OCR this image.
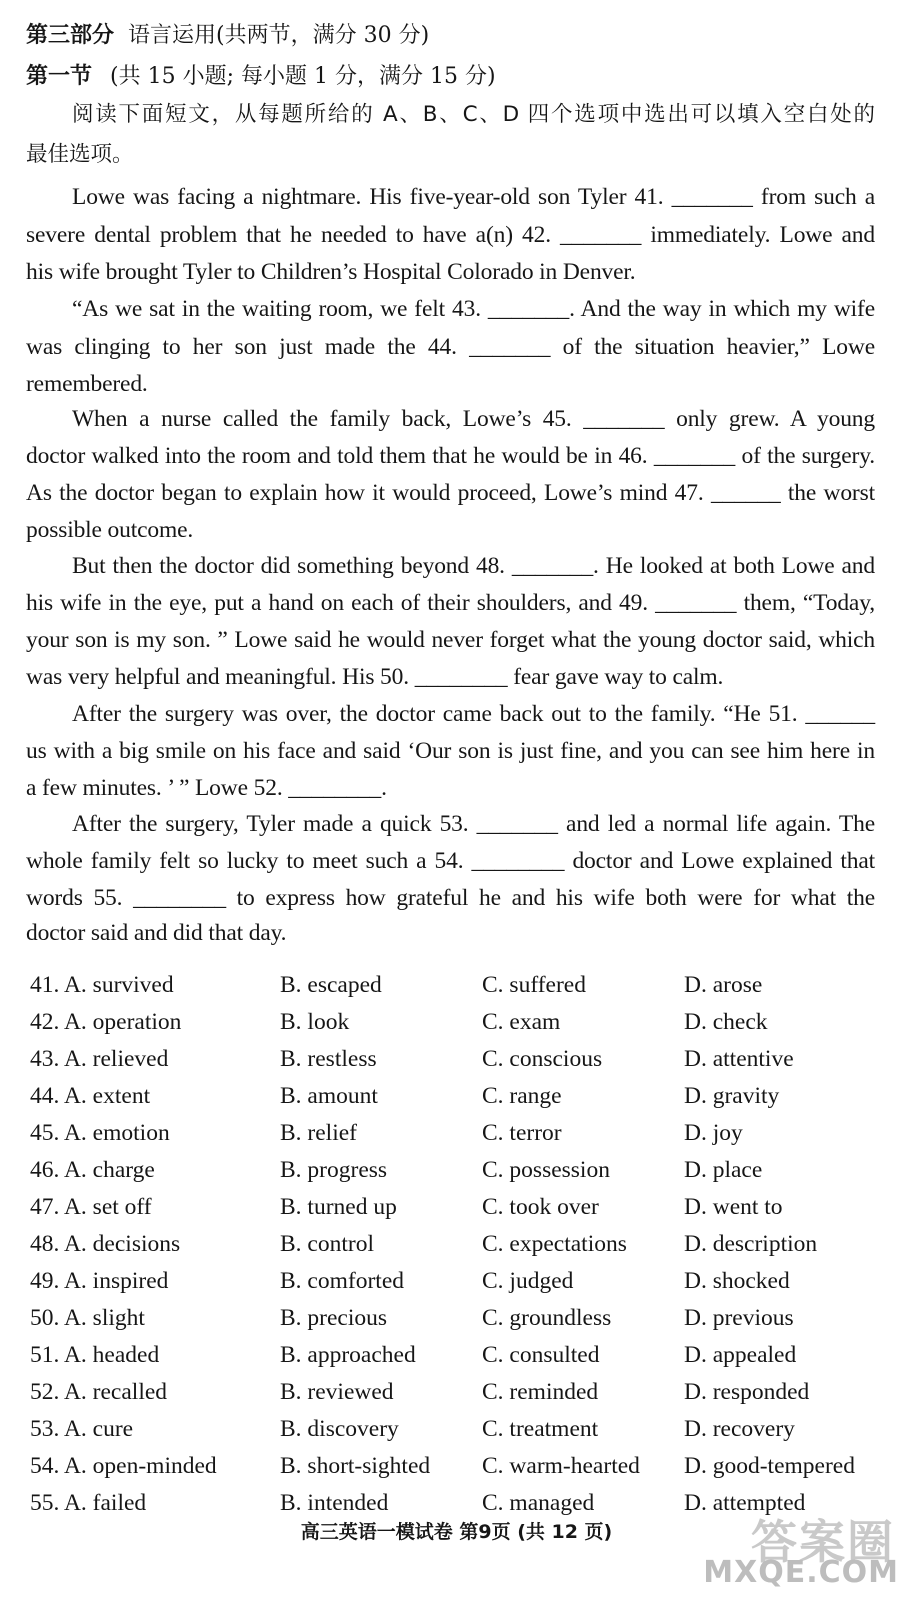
第三部分 语言运用(共两节，满分 30 分)
第一节 (共 15 小题; 每小题 1 分，满分 15 分)
阅读下面短文，从每题所给的 A、B、C、D 四个选项中选出可以填入空白处的
最佳选项。
Lowe was facing a nightmare. His five-year-old son Tyler 41. _______ from such a
severe dental problem that he needed to have a(n) 42. _______ immediately. Lowe and
his wife brought Tyler to Children’s Hospital Colorado in Denver.
“As we sat in the waiting room, we felt 43. _______. And the way in which my wife
was clinging to her son just made the 44. _______ of the situation heavier,” Lowe
remembered.
When a nurse called the family back, Lowe’s 45. _______ only grew. A young
doctor walked into the room and told them that he would be in 46. _______ of the surgery.
As the doctor began to explain how it would proceed, Lowe’s mind 47. ______ the worst
possible outcome.
But then the doctor did something beyond 48. _______. He looked at both Lowe and
his wife in the eye, put a hand on each of their shoulders, and 49. _______ them, “Today,
your son is my son. ” Lowe said he would never forget what the young doctor said, which
was very helpful and meaningful. His 50. ________ fear gave way to calm.
After the surgery was over, the doctor came back out to the family. “He 51. ______
us with a big smile on his face and said ‘Our son is just fine, and you can see him here in
a few minutes. ’ ” Lowe 52. ________.
After the surgery, Tyler made a quick 53. _______ and led a normal life again. The
whole family felt so lucky to meet such a 54. ________ doctor and Lowe explained that
words 55. ________ to express how grateful he and his wife both were for what the
doctor said and did that day.
41. A. survived	B. escaped	C. suffered	D. arose
42. A. operation	B. look	C. exam	D. check
43. A. relieved	B. restless	C. conscious	D. attentive
44. A. extent	B. amount	C. range	D. gravity
45. A. emotion	B. relief	C. terror	D. joy
46. A. charge	B. progress	C. possession	D. place
47. A. set off	B. turned up	C. took over	D. went to
48. A. decisions	B. control	C. expectations D. description
49. A. inspired	B. comforted	C. judged	D. shocked
50. A. slight	B. precious	C. groundless	D. previous
51. A. headed	B. approached	C. consulted	D. appealed
52. A. recalled	B. reviewed	C. reminded	D. responded
53. A. cure	B. discovery	C. treatment	D. recovery
54. A. open-minded	B. short-sighted C. warm-hearted D. good-tempered
55. A. failed	B. intended	C. managed	D. attempted
高三英语一模试卷 第9页 (共 12 页)	答案圈
MXQE.COM
